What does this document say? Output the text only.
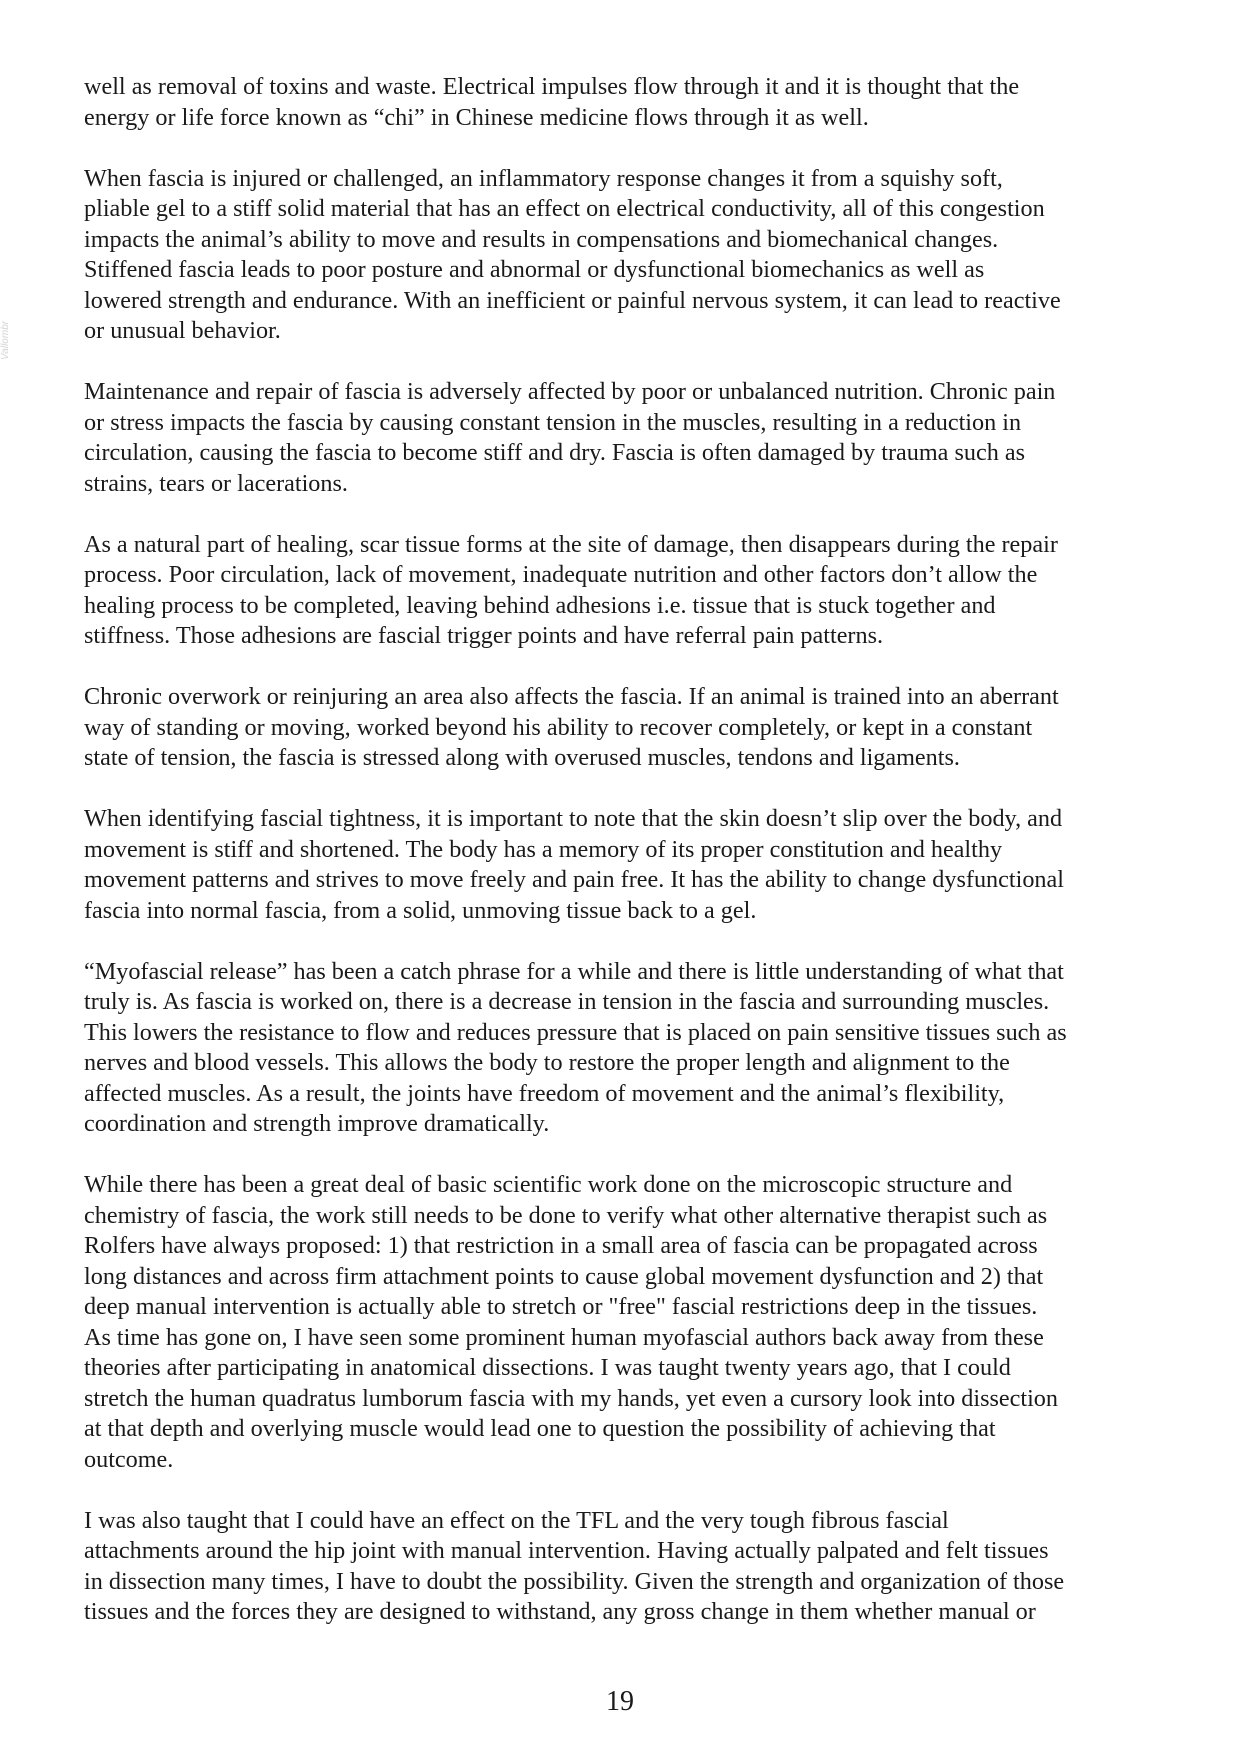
Vallombr

well as removal of toxins and waste. Electrical impulses flow through it and it is thought that the
energy or life force known as “chi” in Chinese medicine flows through it as well.

When fascia is injured or challenged, an inflammatory response changes it from a squishy soft,
pliable gel to a stiff solid material that has an effect on electrical conductivity, all of this congestion
impacts the animal’s ability to move and results in compensations and biomechanical changes.
Stiffened fascia leads to poor posture and abnormal or dysfunctional biomechanics as well as
lowered strength and endurance. With an inefficient or painful nervous system, it can lead to reactive
or unusual behavior.

Maintenance and repair of fascia is adversely affected by poor or unbalanced nutrition. Chronic pain
or stress impacts the fascia by causing constant tension in the muscles, resulting in a reduction in
circulation, causing the fascia to become stiff and dry. Fascia is often damaged by trauma such as
strains, tears or lacerations.

As a natural part of healing, scar tissue forms at the site of damage, then disappears during the repair
process. Poor circulation, lack of movement, inadequate nutrition and other factors don’t allow the
healing process to be completed, leaving behind adhesions i.e. tissue that is stuck together and
stiffness. Those adhesions are fascial trigger points and have referral pain patterns.

Chronic overwork or reinjuring an area also affects the fascia. If an animal is trained into an aberrant
way of standing or moving, worked beyond his ability to recover completely, or kept in a constant
state of tension, the fascia is stressed along with overused muscles, tendons and ligaments.

When identifying fascial tightness, it is important to note that the skin doesn’t slip over the body, and
movement is stiff and shortened. The body has a memory of its proper constitution and healthy
movement patterns and strives to move freely and pain free. It has the ability to change dysfunctional
fascia into normal fascia, from a solid, unmoving tissue back to a gel.

“Myofascial release” has been a catch phrase for a while and there is little understanding of what that
truly is. As fascia is worked on, there is a decrease in tension in the fascia and surrounding muscles.
This lowers the resistance to flow and reduces pressure that is placed on pain sensitive tissues such as
nerves and blood vessels. This allows the body to restore the proper length and alignment to the
affected muscles. As a result, the joints have freedom of movement and the animal’s flexibility,
coordination and strength improve dramatically.

While there has been a great deal of basic scientific work done on the microscopic structure and
chemistry of fascia, the work still needs to be done to verify what other alternative therapist such as
Rolfers have always proposed: 1) that restriction in a small area of fascia can be propagated across
long distances and across firm attachment points to cause global movement dysfunction and 2) that
deep manual intervention is actually able to stretch or "free" fascial restrictions deep in the tissues.
As time has gone on, I have seen some prominent human myofascial authors back away from these
theories after participating in anatomical dissections. I was taught twenty years ago, that I could
stretch the human quadratus lumborum fascia with my hands, yet even a cursory look into dissection
at that depth and overlying muscle would lead one to question the possibility of achieving that
outcome.

I was also taught that I could have an effect on the TFL and the very tough fibrous fascial
attachments around the hip joint with manual intervention. Having actually palpated and felt tissues
in dissection many times, I have to doubt the possibility. Given the strength and organization of those
tissues and the forces they are designed to withstand, any gross change in them whether manual or

19
